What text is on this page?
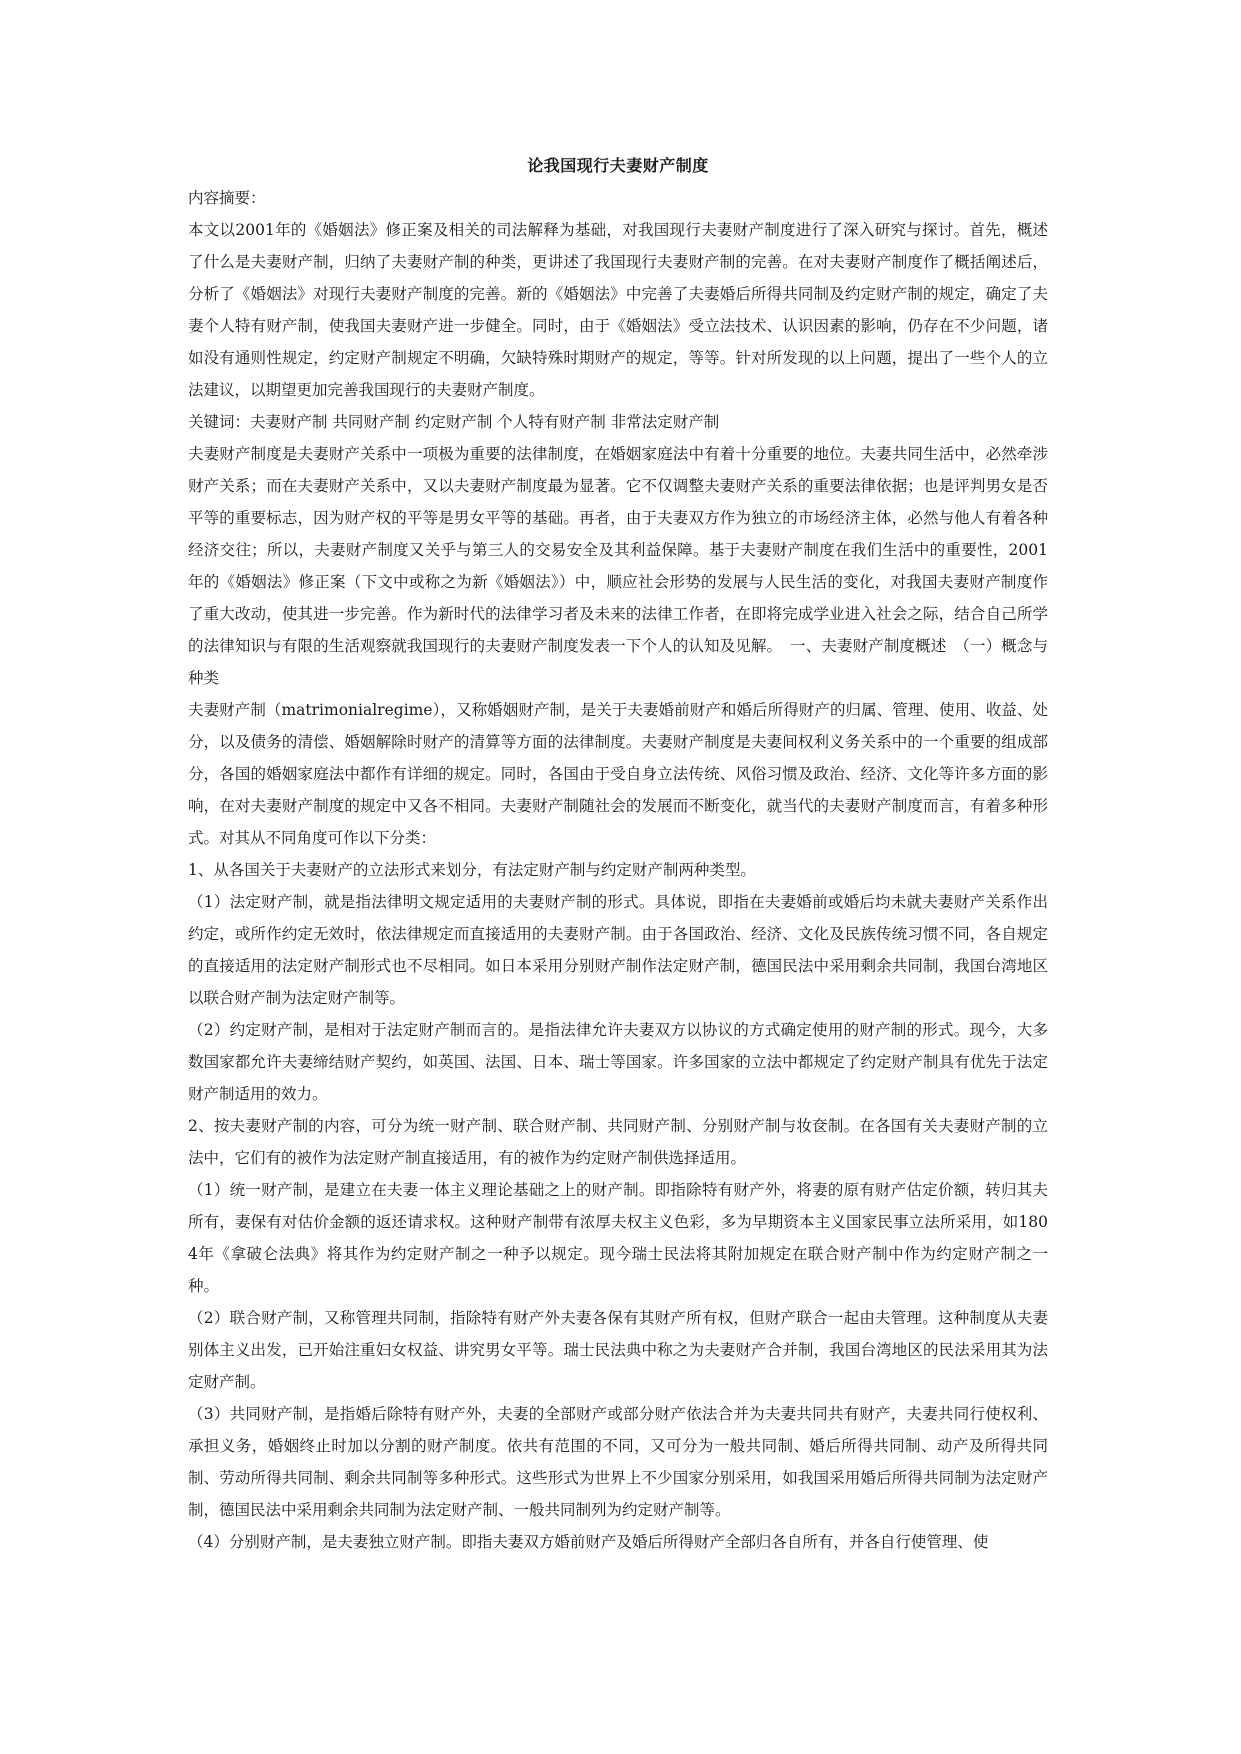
论我国现行夫妻财产制度

内容摘要：

本文以2001年的《婚姻法》修正案及相关的司法解释为基础，对我国现行夫妻财产制度进行了深入研究与探讨。首先，概述了什么是夫妻财产制，归纳了夫妻财产制的种类，更讲述了我国现行夫妻财产制的完善。在对夫妻财产制度作了概括阐述后，分析了《婚姻法》对现行夫妻财产制度的完善。新的《婚姻法》中完善了夫妻婚后所得共同制及约定财产制的规定，确定了夫妻个人特有财产制，使我国夫妻财产进一步健全。同时，由于《婚姻法》受立法技术、认识因素的影响，仍存在不少问题，诸如没有通则性规定，约定财产制规定不明确，欠缺特殊时期财产的规定，等等。针对所发现的以上问题，提出了一些个人的立法建议，以期望更加完善我国现行的夫妻财产制度。

关键词：夫妻财产制 共同财产制 约定财产制 个人特有财产制 非常法定财产制

夫妻财产制度是夫妻财产关系中一项极为重要的法律制度，在婚姻家庭法中有着十分重要的地位。夫妻共同生活中，必然牵涉财产关系；而在夫妻财产关系中，又以夫妻财产制度最为显著。它不仅调整夫妻财产关系的重要法律依据；也是评判男女是否平等的重要标志，因为财产权的平等是男女平等的基础。再者，由于夫妻双方作为独立的市场经济主体，必然与他人有着各种经济交往；所以，夫妻财产制度又关乎与第三人的交易安全及其利益保障。基于夫妻财产制度在我们生活中的重要性，2001年的《婚姻法》修正案（下文中或称之为新《婚姻法》）中，顺应社会形势的发展与人民生活的变化，对我国夫妻财产制度作了重大改动，使其进一步完善。作为新时代的法律学习者及未来的法律工作者，在即将完成学业进入社会之际，结合自己所学的法律知识与有限的生活观察就我国现行的夫妻财产制度发表一下个人的认知及见解。　一、夫妻财产制度概述　（一）概念与种类

夫妻财产制（matrimonialregime），又称婚姻财产制，是关于夫妻婚前财产和婚后所得财产的归属、管理、使用、收益、处分，以及债务的清偿、婚姻解除时财产的清算等方面的法律制度。夫妻财产制度是夫妻间权利义务关系中的一个重要的组成部分，各国的婚姻家庭法中都作有详细的规定。同时，各国由于受自身立法传统、风俗习惯及政治、经济、文化等许多方面的影响，在对夫妻财产制度的规定中又各不相同。夫妻财产制随社会的发展而不断变化，就当代的夫妻财产制度而言，有着多种形式。对其从不同角度可作以下分类：

1、从各国关于夫妻财产的立法形式来划分，有法定财产制与约定财产制两种类型。

（1）法定财产制，就是指法律明文规定适用的夫妻财产制的形式。具体说，即指在夫妻婚前或婚后均未就夫妻财产关系作出约定，或所作约定无效时，依法律规定而直接适用的夫妻财产制。由于各国政治、经济、文化及民族传统习惯不同，各自规定的直接适用的法定财产制形式也不尽相同。如日本采用分别财产制作法定财产制，德国民法中采用剩余共同制，我国台湾地区以联合财产制为法定财产制等。

（2）约定财产制，是相对于法定财产制而言的。是指法律允许夫妻双方以协议的方式确定使用的财产制的形式。现今，大多数国家都允许夫妻缔结财产契约，如英国、法国、日本、瑞士等国家。许多国家的立法中都规定了约定财产制具有优先于法定财产制适用的效力。

2、按夫妻财产制的内容，可分为统一财产制、联合财产制、共同财产制、分别财产制与妆奁制。在各国有关夫妻财产制的立法中，它们有的被作为法定财产制直接适用，有的被作为约定财产制供选择适用。

（1）统一财产制，是建立在夫妻一体主义理论基础之上的财产制。即指除特有财产外，将妻的原有财产估定价额，转归其夫所有，妻保有对估价金额的返还请求权。这种财产制带有浓厚夫权主义色彩，多为早期资本主义国家民事立法所采用，如1804年《拿破仑法典》将其作为约定财产制之一种予以规定。现今瑞士民法将其附加规定在联合财产制中作为约定财产制之一种。

（2）联合财产制，又称管理共同制，指除特有财产外夫妻各保有其财产所有权，但财产联合一起由夫管理。这种制度从夫妻别体主义出发，已开始注重妇女权益、讲究男女平等。瑞士民法典中称之为夫妻财产合并制，我国台湾地区的民法采用其为法定财产制。

（3）共同财产制，是指婚后除特有财产外，夫妻的全部财产或部分财产依法合并为夫妻共同共有财产，夫妻共同行使权利、承担义务，婚姻终止时加以分割的财产制度。依共有范围的不同，又可分为一般共同制、婚后所得共同制、动产及所得共同制、劳动所得共同制、剩余共同制等多种形式。这些形式为世界上不少国家分别采用，如我国采用婚后所得共同制为法定财产制，德国民法中采用剩余共同制为法定财产制、一般共同制列为约定财产制等。

（4）分别财产制，是夫妻独立财产制。即指夫妻双方婚前财产及婚后所得财产全部归各自所有，并各自行使管理、使
